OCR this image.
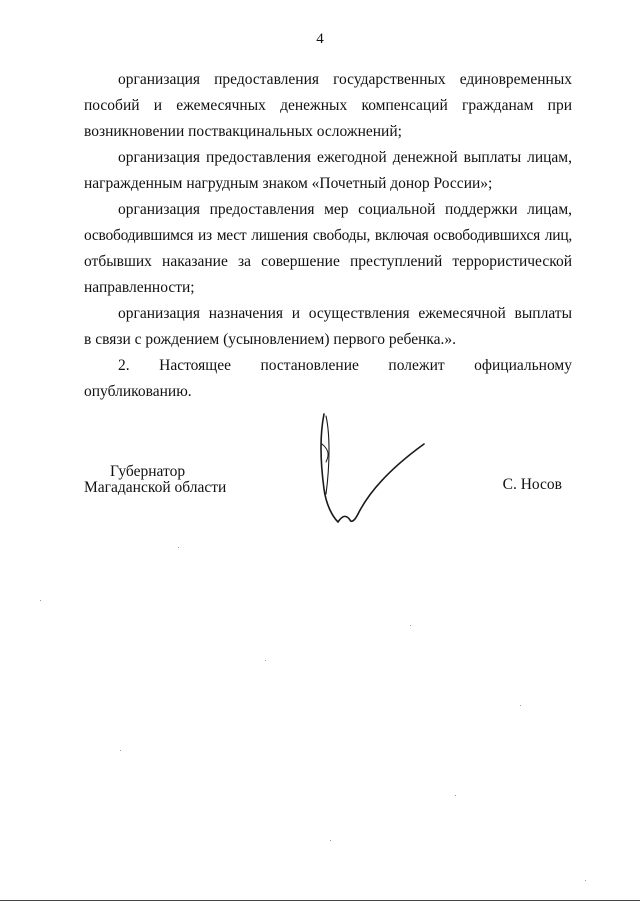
4
организация предоставления государственных единовременных
пособий и ежемесячных денежных компенсаций гражданам при
возникновении поствакцинальных осложнений;
организация предоставления ежегодной денежной выплаты лицам,
награжденным нагрудным знаком «Почетный донор России»;
организация предоставления мер социальной поддержки лицам,
освободившимся из мест лишения свободы, включая освободившихся лиц,
отбывших наказание за совершение преступлений террористической
направленности;
организация назначения и осуществления ежемесячной выплаты
в связи с рождением (усыновлением) первого ребенка.».
2. Настоящее постановление полежит официальному
опубликованию.
Губернатор
Магаданской области	С. Носов
